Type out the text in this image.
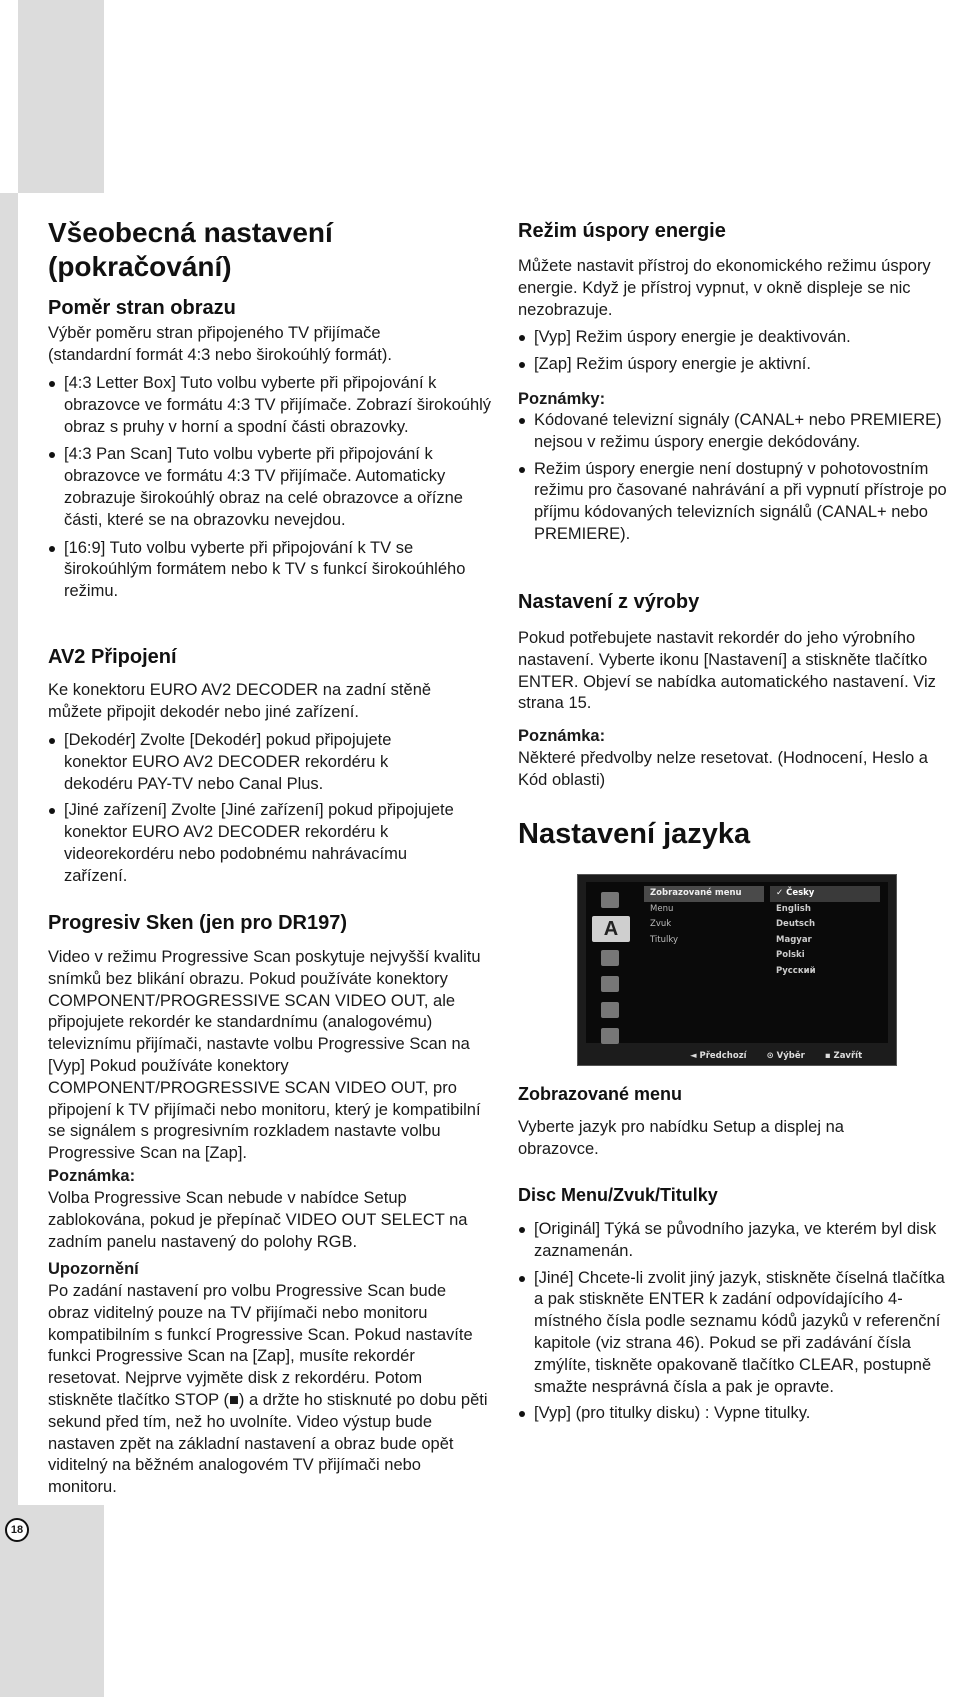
18
Všeobecná nastavení
(pokračování)
Poměr stran obrazu

Výběr poměru stran připojeného TV přijímače (standardní formát 4:3 nebo širokoúhlý formát).

[4:3 Letter Box] Tuto volbu vyberte při připojování k obrazovce ve formátu 4:3 TV přijímače. Zobrazí širokoúhlý obraz s pruhy v horní a spodní části obrazovky.
[4:3 Pan Scan] Tuto volbu vyberte při připojování k obrazovce ve formátu 4:3 TV přijímače. Automaticky zobrazuje širokoúhlý obraz na celé obrazovce a ořízne části, které se na obrazovku nevejdou.
[16:9] Tuto volbu vyberte při připojování k TV se širokoúhlým formátem nebo k TV s funkcí širokoúhlého režimu.
AV2 Připojení

Ke konektoru EURO AV2 DECODER na zadní stěně můžete připojit dekodér nebo jiné zařízení.

[Dekodér] Zvolte [Dekodér] pokud připojujete konektor EURO AV2 DECODER rekordéru k dekodéru PAY-TV nebo Canal Plus.
[Jiné zařízení] Zvolte [Jiné zařízení] pokud připojujete konektor EURO AV2 DECODER rekordéru k videorekordéru nebo podobnému nahrávacímu zařízení.
Progresiv Sken (jen pro DR197)

Video v režimu Progressive Scan poskytuje nejvyšší kvalitu snímků bez blikání obrazu. Pokud používáte konektory COMPONENT/PROGRESSIVE SCAN VIDEO OUT, ale připojujete rekordér ke standardnímu (analogovému) televiznímu přijímači, nastavte volbu Progressive Scan na [Vyp] Pokud používáte konektory COMPONENT/PROGRESSIVE SCAN VIDEO OUT, pro připojení k TV přijímači nebo monitoru, který je kompatibilní se signálem s progresivním rozkladem nastavte volbu Progressive Scan na [Zap].

Poznámka:

Volba Progressive Scan nebude v nabídce Setup zablokována, pokud je přepínač VIDEO OUT SELECT na zadním panelu nastavený do polohy RGB.

Upozornění

Po zadání nastavení pro volbu Progressive Scan bude obraz viditelný pouze na TV přijímači nebo monitoru kompatibilním s funkcí Progressive Scan. Pokud nastavíte funkci Progressive Scan na [Zap], musíte rekordér resetovat. Nejprve vyjměte disk z rekordéru. Potom stiskněte tlačítko STOP (■) a držte ho stisknuté po dobu pěti sekund před tím, než ho uvolníte. Video výstup bude nastaven zpět na základní nastavení a obraz bude opět viditelný na běžném analogovém TV přijímači nebo monitoru.

Režim úspory energie

Můžete nastavit přístroj do ekonomického režimu úspory energie. Když je přístroj vypnut, v okně displeje se nic nezobrazuje.

[Vyp] Režim úspory energie je deaktivován.
[Zap] Režim úspory energie je aktivní.
Poznámky:
Kódované televizní signály (CANAL+ nebo PREMIERE) nejsou v režimu úspory energie dekódovány.
Režim úspory energie není dostupný v pohotovostním režimu pro časované nahrávání a při vypnutí přístroje po příjmu kódovaných televizních signálů (CANAL+ nebo PREMIERE).
Nastavení z výroby

Pokud potřebujete nastavit rekordér do jeho výrobního nastavení. Vyberte ikonu [Nastavení] a stiskněte tlačítko ENTER. Objeví se nabídka automatického nastavení. Viz strana 15.

Poznámka:

Některé předvolby nelze resetovat. (Hodnocení, Heslo a Kód oblasti)

Nastavení jazyka
Zobrazované menu

Vyberte jazyk pro nabídku Setup a displej na obrazovce.

Disc Menu/Zvuk/Titulky
[Originál] Týká se původního jazyka, ve kterém byl disk zaznamenán.
[Jiné] Chcete-li zvolit jiný jazyk, stiskněte číselná tlačítka a pak stiskněte ENTER k zadání odpovídajícího 4-místného čísla podle seznamu kódů jazyků v referenční kapitole (viz strana 46). Pokud se při zadávání čísla zmýlíte, tiskněte opakovaně tlačítko CLEAR, postupně smažte nesprávná čísla a pak je opravte.
[Vyp] (pro titulky disku) : Vypne titulky.
A
Zobrazované menu
Menu
Zvuk
Titulky
✓ Česky
English
Deutsch
Magyar
Polski
Русский
◄ Předchozí ⊙ Výběr ▪ Zavřít
